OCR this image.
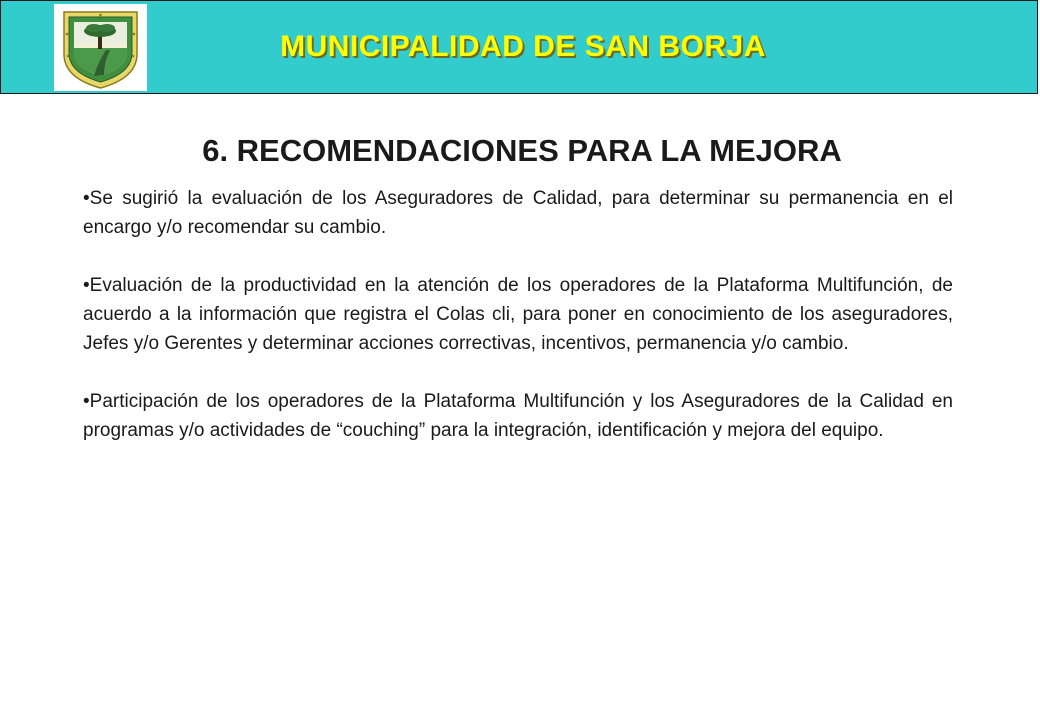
MUNICIPALIDAD DE SAN BORJA
6. RECOMENDACIONES PARA LA MEJORA

•Se sugirió la evaluación de los Aseguradores de Calidad, para determinar su permanencia en el encargo y/o recomendar su cambio.

•Evaluación de la productividad en la atención de los operadores de la Plataforma Multifunción, de acuerdo a la información que registra el Colas cli, para poner en conocimiento de los aseguradores, Jefes y/o Gerentes y determinar acciones correctivas, incentivos, permanencia y/o cambio.

•Participación de los operadores de la Plataforma Multifunción y los Aseguradores de la Calidad en programas y/o actividades de “couching” para la integración, identificación y mejora del equipo.
